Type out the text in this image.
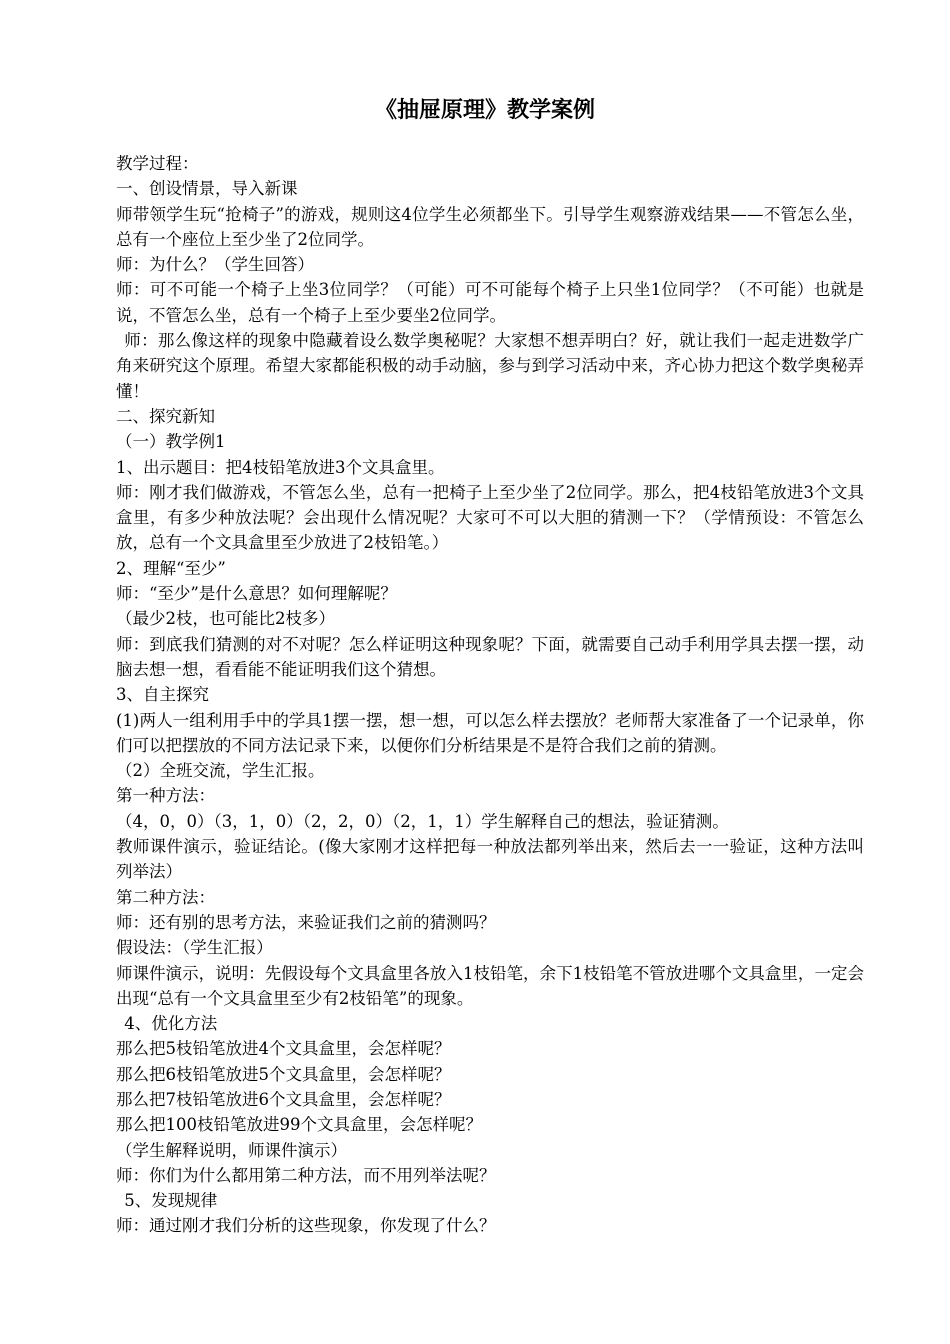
《抽屉原理》教学案例

教学过程：

一、创设情景，导入新课

师带领学生玩“抢椅子”的游戏，规则这4位学生必须都坐下。引导学生观察游戏结果——不管怎么坐，总有一个座位上至少坐了2位同学。

师：为什么？（学生回答）

师：可不可能一个椅子上坐3位同学？（可能）可不可能每个椅子上只坐1位同学？（不可能）也就是说，不管怎么坐，总有一个椅子上至少要坐2位同学。

师：那么像这样的现象中隐藏着设么数学奥秘呢？大家想不想弄明白？好，就让我们一起走进数学广角来研究这个原理。希望大家都能积极的动手动脑，参与到学习活动中来，齐心协力把这个数学奥秘弄懂！

二、探究新知

（一）教学例1

1、出示题目：把4枝铅笔放进3个文具盒里。

师：刚才我们做游戏，不管怎么坐，总有一把椅子上至少坐了2位同学。那么，把4枝铅笔放进3个文具盒里，有多少种放法呢？会出现什么情况呢？大家可不可以大胆的猜测一下？（学情预设：不管怎么放，总有一个文具盒里至少放进了2枝铅笔。）

2、理解“至少”

师：“至少”是什么意思？如何理解呢？

（最少2枝，也可能比2枝多）

师：到底我们猜测的对不对呢？怎么样证明这种现象呢？下面，就需要自己动手利用学具去摆一摆，动脑去想一想，看看能不能证明我们这个猜想。

3、自主探究

(1)两人一组利用手中的学具1摆一摆，想一想，可以怎么样去摆放？老师帮大家准备了一个记录单，你们可以把摆放的不同方法记录下来，以便你们分析结果是不是符合我们之前的猜测。

（2）全班交流，学生汇报。

第一种方法：

（4，0，0）（3，1，0）（2，2，0）（2，1，1）学生解释自己的想法，验证猜测。

教师课件演示，验证结论。(像大家刚才这样把每一种放法都列举出来，然后去一一验证，这种方法叫列举法）

第二种方法：

师：还有别的思考方法，来验证我们之前的猜测吗？

假设法：（学生汇报）

师课件演示，说明：先假设每个文具盒里各放入1枝铅笔，余下1枝铅笔不管放进哪个文具盒里，一定会出现“总有一个文具盒里至少有2枝铅笔”的现象。

4、优化方法

那么把5枝铅笔放进4个文具盒里，会怎样呢？

那么把6枝铅笔放进5个文具盒里，会怎样呢？

那么把7枝铅笔放进6个文具盒里，会怎样呢？

那么把100枝铅笔放进99个文具盒里，会怎样呢？

（学生解释说明，师课件演示）

师：你们为什么都用第二种方法，而不用列举法呢？

5、发现规律

师：通过刚才我们分析的这些现象，你发现了什么？
